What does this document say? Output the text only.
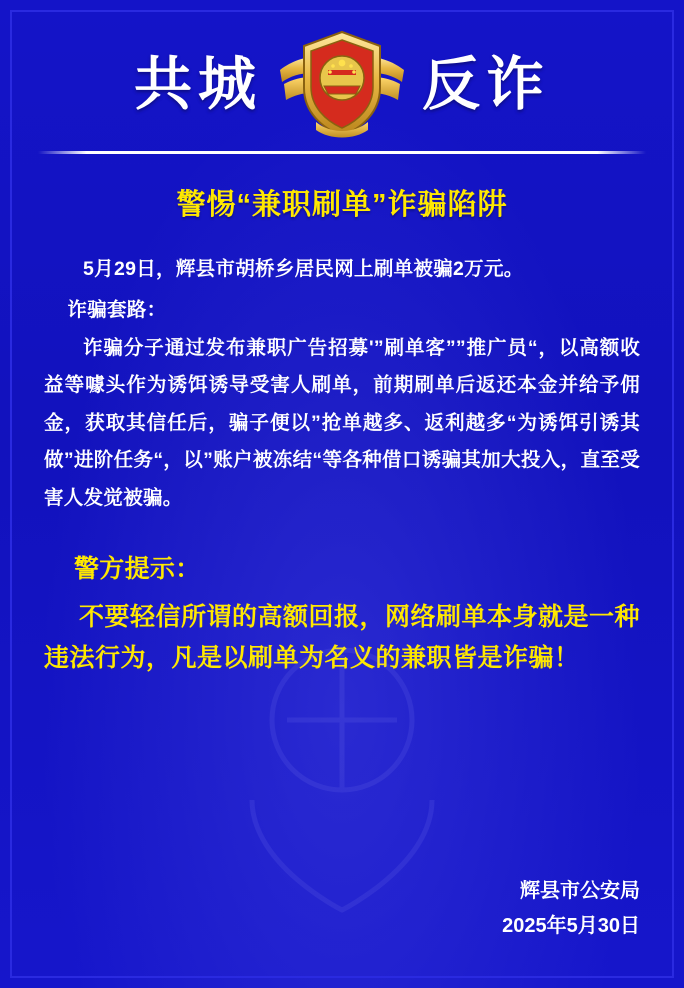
共城	反诈
警惕“兼职刷单”诈骗陷阱
5月29日，辉县市胡桥乡居民网上刷单被骗2万元。
诈骗套路：
诈骗分子通过发布兼职广告招募'”刷单客””推广员“，以高额收益等噱头作为诱饵诱导受害人刷单，前期刷单后返还本金并给予佣金，获取其信任后，骗子便以”抢单越多、返利越多“为诱饵引诱其做”进阶任务“，以”账户被冻结“等各种借口诱骗其加大投入，直至受害人发觉被骗。
警方提示：
不要轻信所谓的高额回报，网络刷单本身就是一种违法行为，凡是以刷单为名义的兼职皆是诈骗！
辉县市公安局
2025年5月30日
